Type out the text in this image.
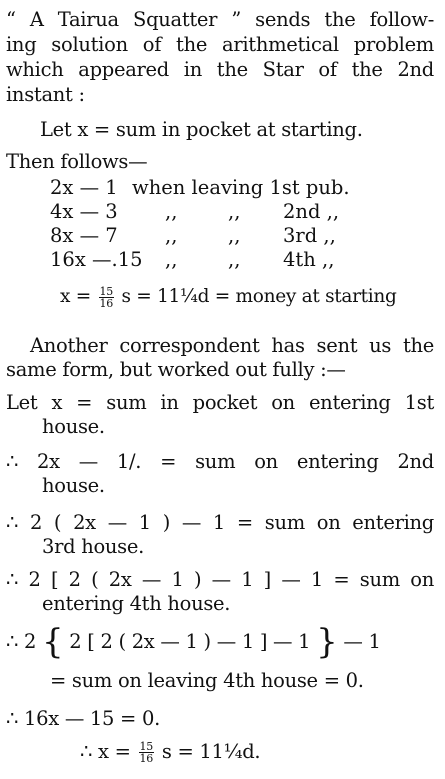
“ A Tairua Squatter ” sends the follow-

ing solution of the arithmetical problem

which appeared in the Star of the 2nd

instant :

Let x = sum in pocket at starting.

Then follows—

2x — 1 when leaving 1st pub.
4x — 3 ,,	,, 2nd ,,
8x — 7 ,,	,, 3rd ,,
16x —.15 ,,	,, 4th ,,

$x = \frac{15}{16}$ s = 11¼d = money at starting

Another correspondent has sent us the

same form, but worked out fully :—

Let x = sum in pocket on entering 1st

house.

∴ 2x — 1/. = sum on entering 2nd

house.

∴ 2 ( 2x — 1 ) — 1 = sum on entering

3rd house.

∴ 2 [ 2 ( 2x — 1 ) — 1 ] — 1 = sum on

entering 4th house.

∴ 2 { 2 [ 2 ( 2x — 1 ) — 1 ] — 1 } — 1

= sum on leaving 4th house = 0.

∴ 16x — 15 = 0.

∴ $x = \frac{15}{16}$ s = 11¼d.
